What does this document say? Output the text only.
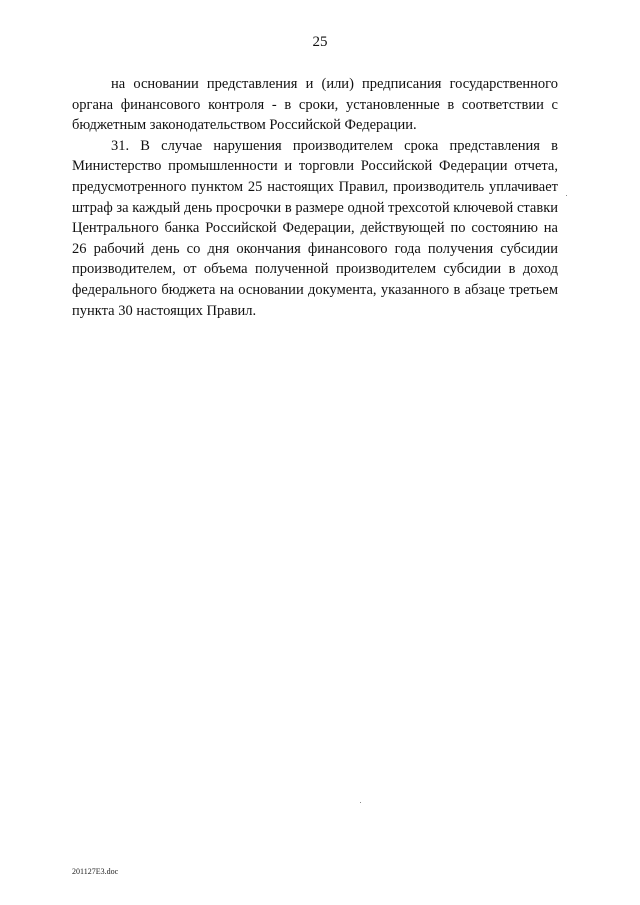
25

на основании представления и (или) предписания государственного органа финансового контроля - в сроки, установленные в соответствии с бюджетным законодательством Российской Федерации.

31. В случае нарушения производителем срока представления в Министерство промышленности и торговли Российской Федерации отчета, предусмотренного пунктом 25 настоящих Правил, производитель уплачивает штраф за каждый день просрочки в размере одной трехсотой ключевой ставки Центрального банка Российской Федерации, действующей по состоянию на 26 рабочий день со дня окончания финансового года получения субсидии производителем, от объема полученной производителем субсидии в доход федерального бюджета на основании документа, указанного в абзаце третьем пункта 30 настоящих Правил.

201127E3.doc
